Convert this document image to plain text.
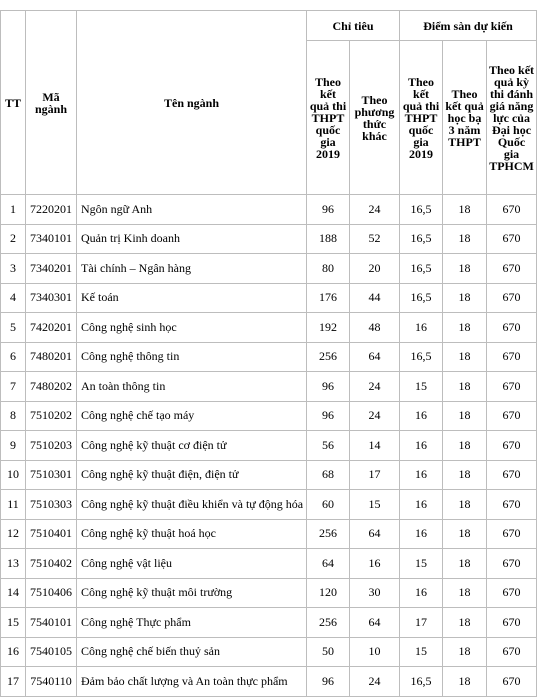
TT	Mã ngành	Tên ngành	Chỉ tiêu		Điểm sàn dự kiến		
			Theo kết quả thi THPT quốc gia 2019	Theo phương thức khác	Theo kết quả thi THPT quốc gia 2019	Theo kết quả học bạ 3 năm THPT	Theo kết quả kỳ thi đánh giá năng lực của Đại học Quốc gia TPHCM
1	7220201	Ngôn ngữ Anh	96	24	16,5	18	670
2	7340101	Quản trị Kinh doanh	188	52	16,5	18	670
3	7340201	Tài chính – Ngân hàng	80	20	16,5	18	670
4	7340301	Kế toán	176	44	16,5	18	670
5	7420201	Công nghệ sinh học	192	48	16	18	670
6	7480201	Công nghệ thông tin	256	64	16,5	18	670
7	7480202	An toàn thông tin	96	24	15	18	670
8	7510202	Công nghệ chế tạo máy	96	24	16	18	670
9	7510203	Công nghệ kỹ thuật cơ điện tử	56	14	16	18	670
10	7510301	Công nghệ kỹ thuật điện, điện tử	68	17	16	18	670
11	7510303	Công nghệ kỹ thuật điều khiển và tự động hóa	60	15	16	18	670
12	7510401	Công nghệ kỹ thuật hoá học	256	64	16	18	670
13	7510402	Công nghệ vật liệu	64	16	15	18	670
14	7510406	Công nghệ kỹ thuật môi trường	120	30	16	18	670
15	7540101	Công nghệ Thực phẩm	256	64	17	18	670
16	7540105	Công nghệ chế biến thuỷ sản	50	10	15	18	670
17	7540110	Đảm bảo chất lượng và An toàn thực phẩm	96	24	16,5	18	670
